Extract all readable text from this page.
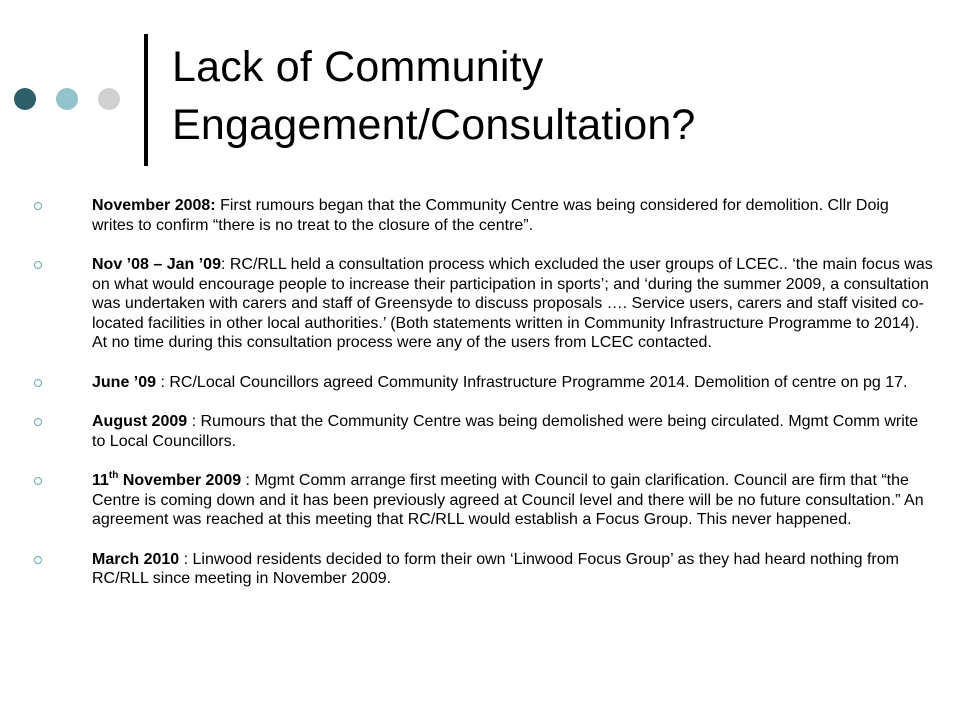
Lack of Community
Engagement/Consultation?
November 2008: First rumours began that the Community Centre was being considered for demolition. Cllr Doig writes to confirm “there is no treat to the closure of the centre”.
Nov ’08 – Jan ’09: RC/RLL held a consultation process which excluded the user groups of LCEC.. ‘the main focus was on what would encourage people to increase their participation in sports’; and ‘during the summer 2009, a consultation was undertaken with carers and staff of Greensyde to discuss proposals …. Service users, carers and staff visited co-located facilities in other local authorities.’ (Both statements written in Community Infrastructure Programme to 2014). At no time during this consultation process were any of the users from LCEC contacted.
June ’09 : RC/Local Councillors agreed Community Infrastructure Programme 2014. Demolition of centre on pg 17.
August 2009 : Rumours that the Community Centre was being demolished were being circulated. Mgmt Comm write to Local Councillors.
11th November 2009 : Mgmt Comm arrange first meeting with Council to gain clarification. Council are firm that “the Centre is coming down and it has been previously agreed at Council level and there will be no future consultation.” An agreement was reached at this meeting that RC/RLL would establish a Focus Group. This never happened.
March 2010 : Linwood residents decided to form their own ‘Linwood Focus Group’ as they had heard nothing from RC/RLL since meeting in November 2009.
